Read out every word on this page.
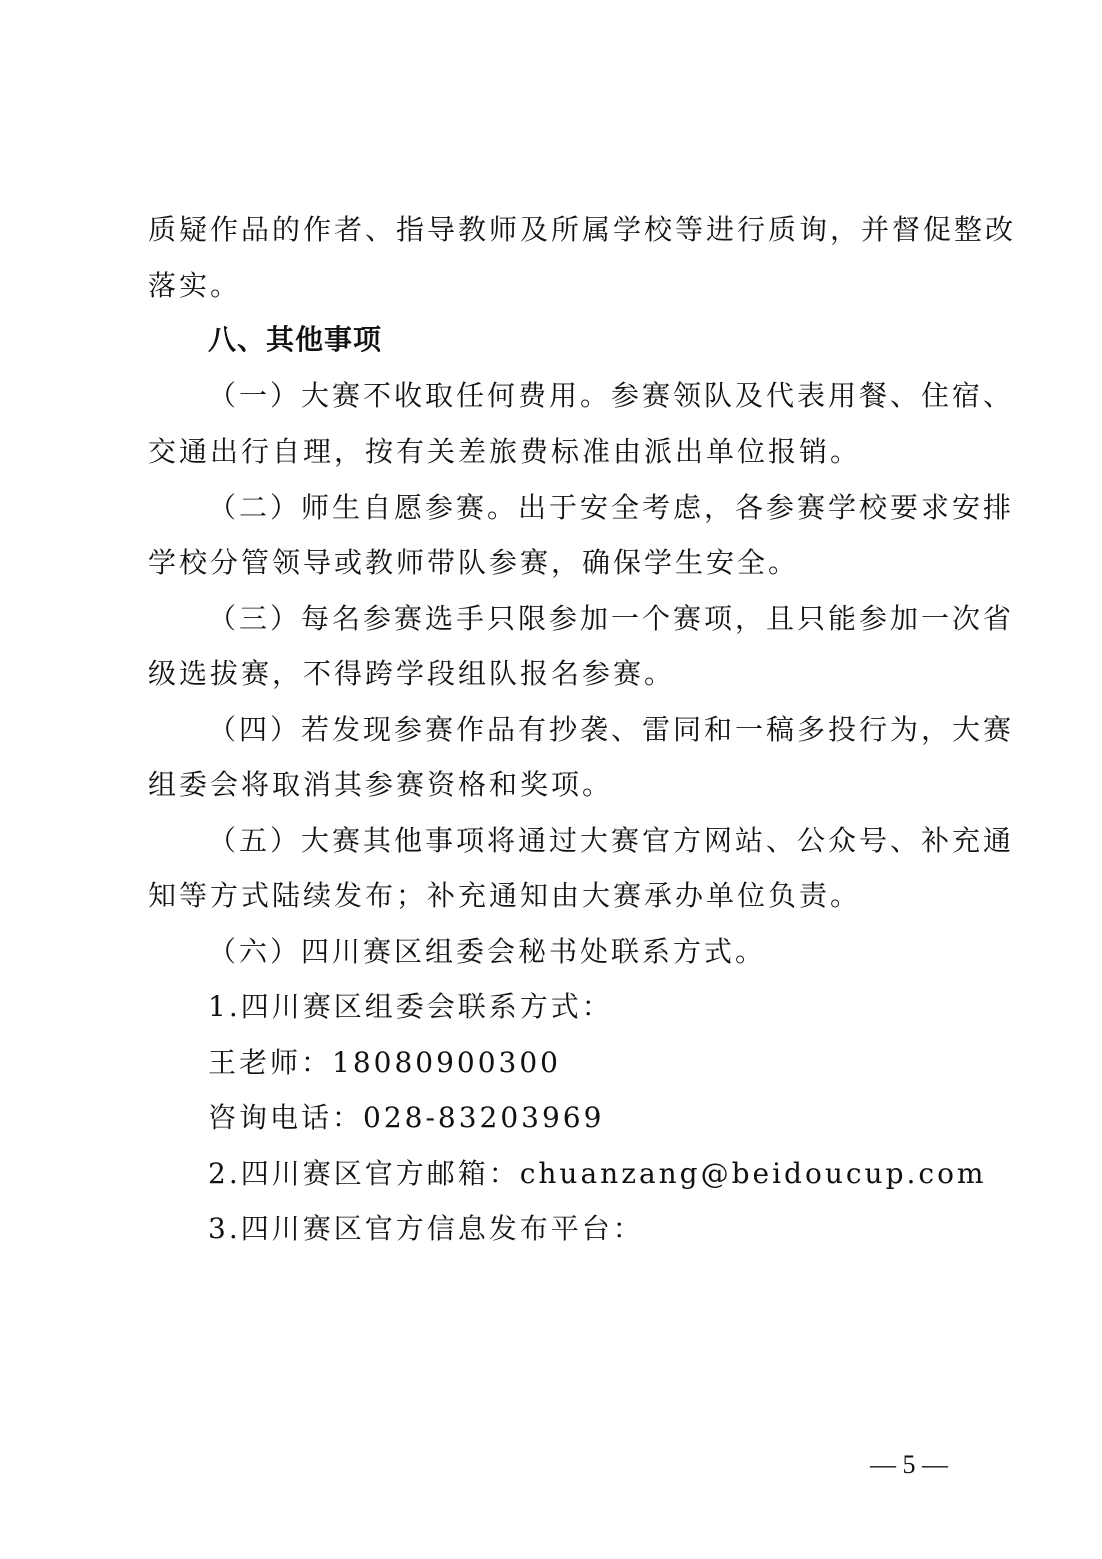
质疑作品的作者、指导教师及所属学校等进行质询，并督促整改
落实。
八、其他事项
（一）大赛不收取任何费用。参赛领队及代表用餐、住宿、
交通出行自理，按有关差旅费标准由派出单位报销。
（二）师生自愿参赛。出于安全考虑，各参赛学校要求安排
学校分管领导或教师带队参赛，确保学生安全。
（三）每名参赛选手只限参加一个赛项，且只能参加一次省
级选拔赛，不得跨学段组队报名参赛。
（四）若发现参赛作品有抄袭、雷同和一稿多投行为，大赛
组委会将取消其参赛资格和奖项。
（五）大赛其他事项将通过大赛官方网站、公众号、补充通
知等方式陆续发布；补充通知由大赛承办单位负责。
（六）四川赛区组委会秘书处联系方式。
1.四川赛区组委会联系方式：
王老师：18080900300
咨询电话：028-83203969
2.四川赛区官方邮箱：chuanzang@beidoucup.com
3.四川赛区官方信息发布平台：
— 5 —
